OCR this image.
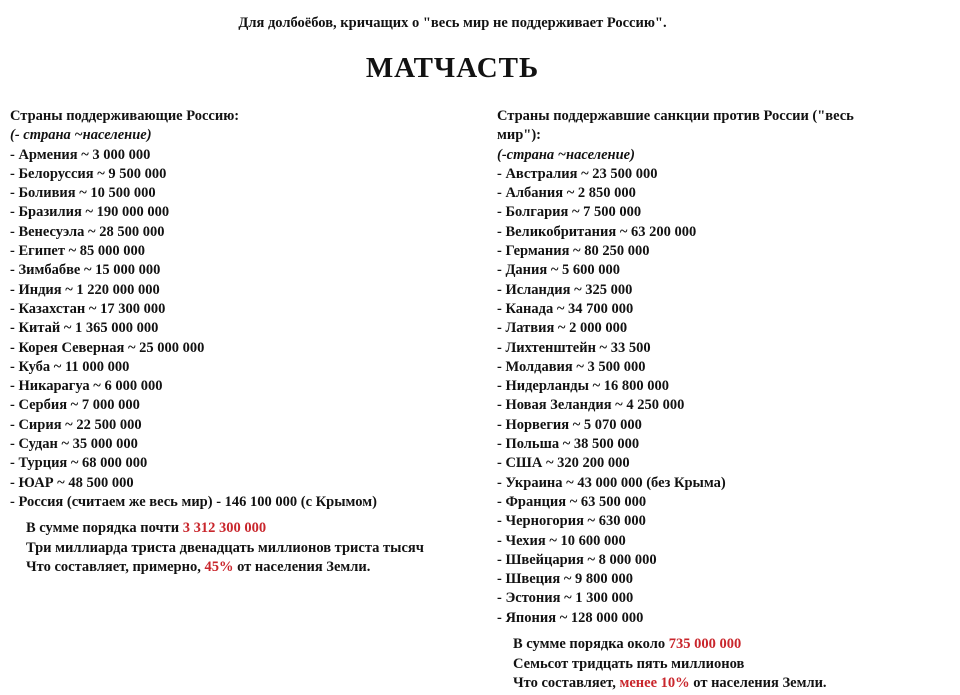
Для долбоёбов, кричащих о "весь мир не поддерживает Россию".
МАТЧАСТЬ
Страны поддерживающие Россию:
(- страна ~население)
- Армения ~ 3 000 000
- Белоруссия ~ 9 500 000
- Боливия ~ 10 500 000
- Бразилия ~ 190 000 000
- Венесуэла ~ 28 500 000
- Египет ~ 85 000 000
- Зимбабве ~ 15 000 000
- Индия ~ 1 220 000 000
- Казахстан ~ 17 300 000
- Китай ~ 1 365 000 000
- Корея Северная ~ 25 000 000
- Куба ~ 11 000 000
- Никарагуа ~ 6 000 000
- Сербия ~ 7 000 000
- Сирия ~ 22 500 000
- Судан ~ 35 000 000
- Турция ~ 68 000 000
- ЮАР ~ 48 500 000
- Россия (считаем же весь мир) - 146 100 000 (с Крымом)
В сумме порядка почти 3 312 300 000
Три миллиарда триста двенадцать миллионов триста тысяч
Что составляет, примерно, 45% от населения Земли.
Страны поддержавшие санкции против России ("весь мир"):
(-страна ~население)
- Австралия ~ 23 500 000
- Албания ~ 2 850 000
- Болгария ~ 7 500 000
- Великобритания ~ 63 200 000
- Германия ~ 80 250 000
- Дания ~ 5 600 000
- Исландия ~ 325 000
- Канада ~ 34 700 000
- Латвия ~ 2 000 000
- Лихтенштейн ~ 33 500
- Молдавия ~ 3 500 000
- Нидерланды ~ 16 800 000
- Новая Зеландия ~ 4 250 000
- Норвегия ~ 5 070 000
- Польша ~ 38 500 000
- США ~ 320 200 000
- Украина ~ 43 000 000 (без Крыма)
- Франция ~ 63 500 000
- Черногория ~ 630 000
- Чехия ~ 10 600 000
- Швейцария ~ 8 000 000
- Швеция ~ 9 800 000
- Эстония ~ 1 300 000
- Япония ~ 128 000 000
В сумме порядка около 735 000 000
Семьсот тридцать пять миллионов
Что составляет, менее 10% от населения Земли.
